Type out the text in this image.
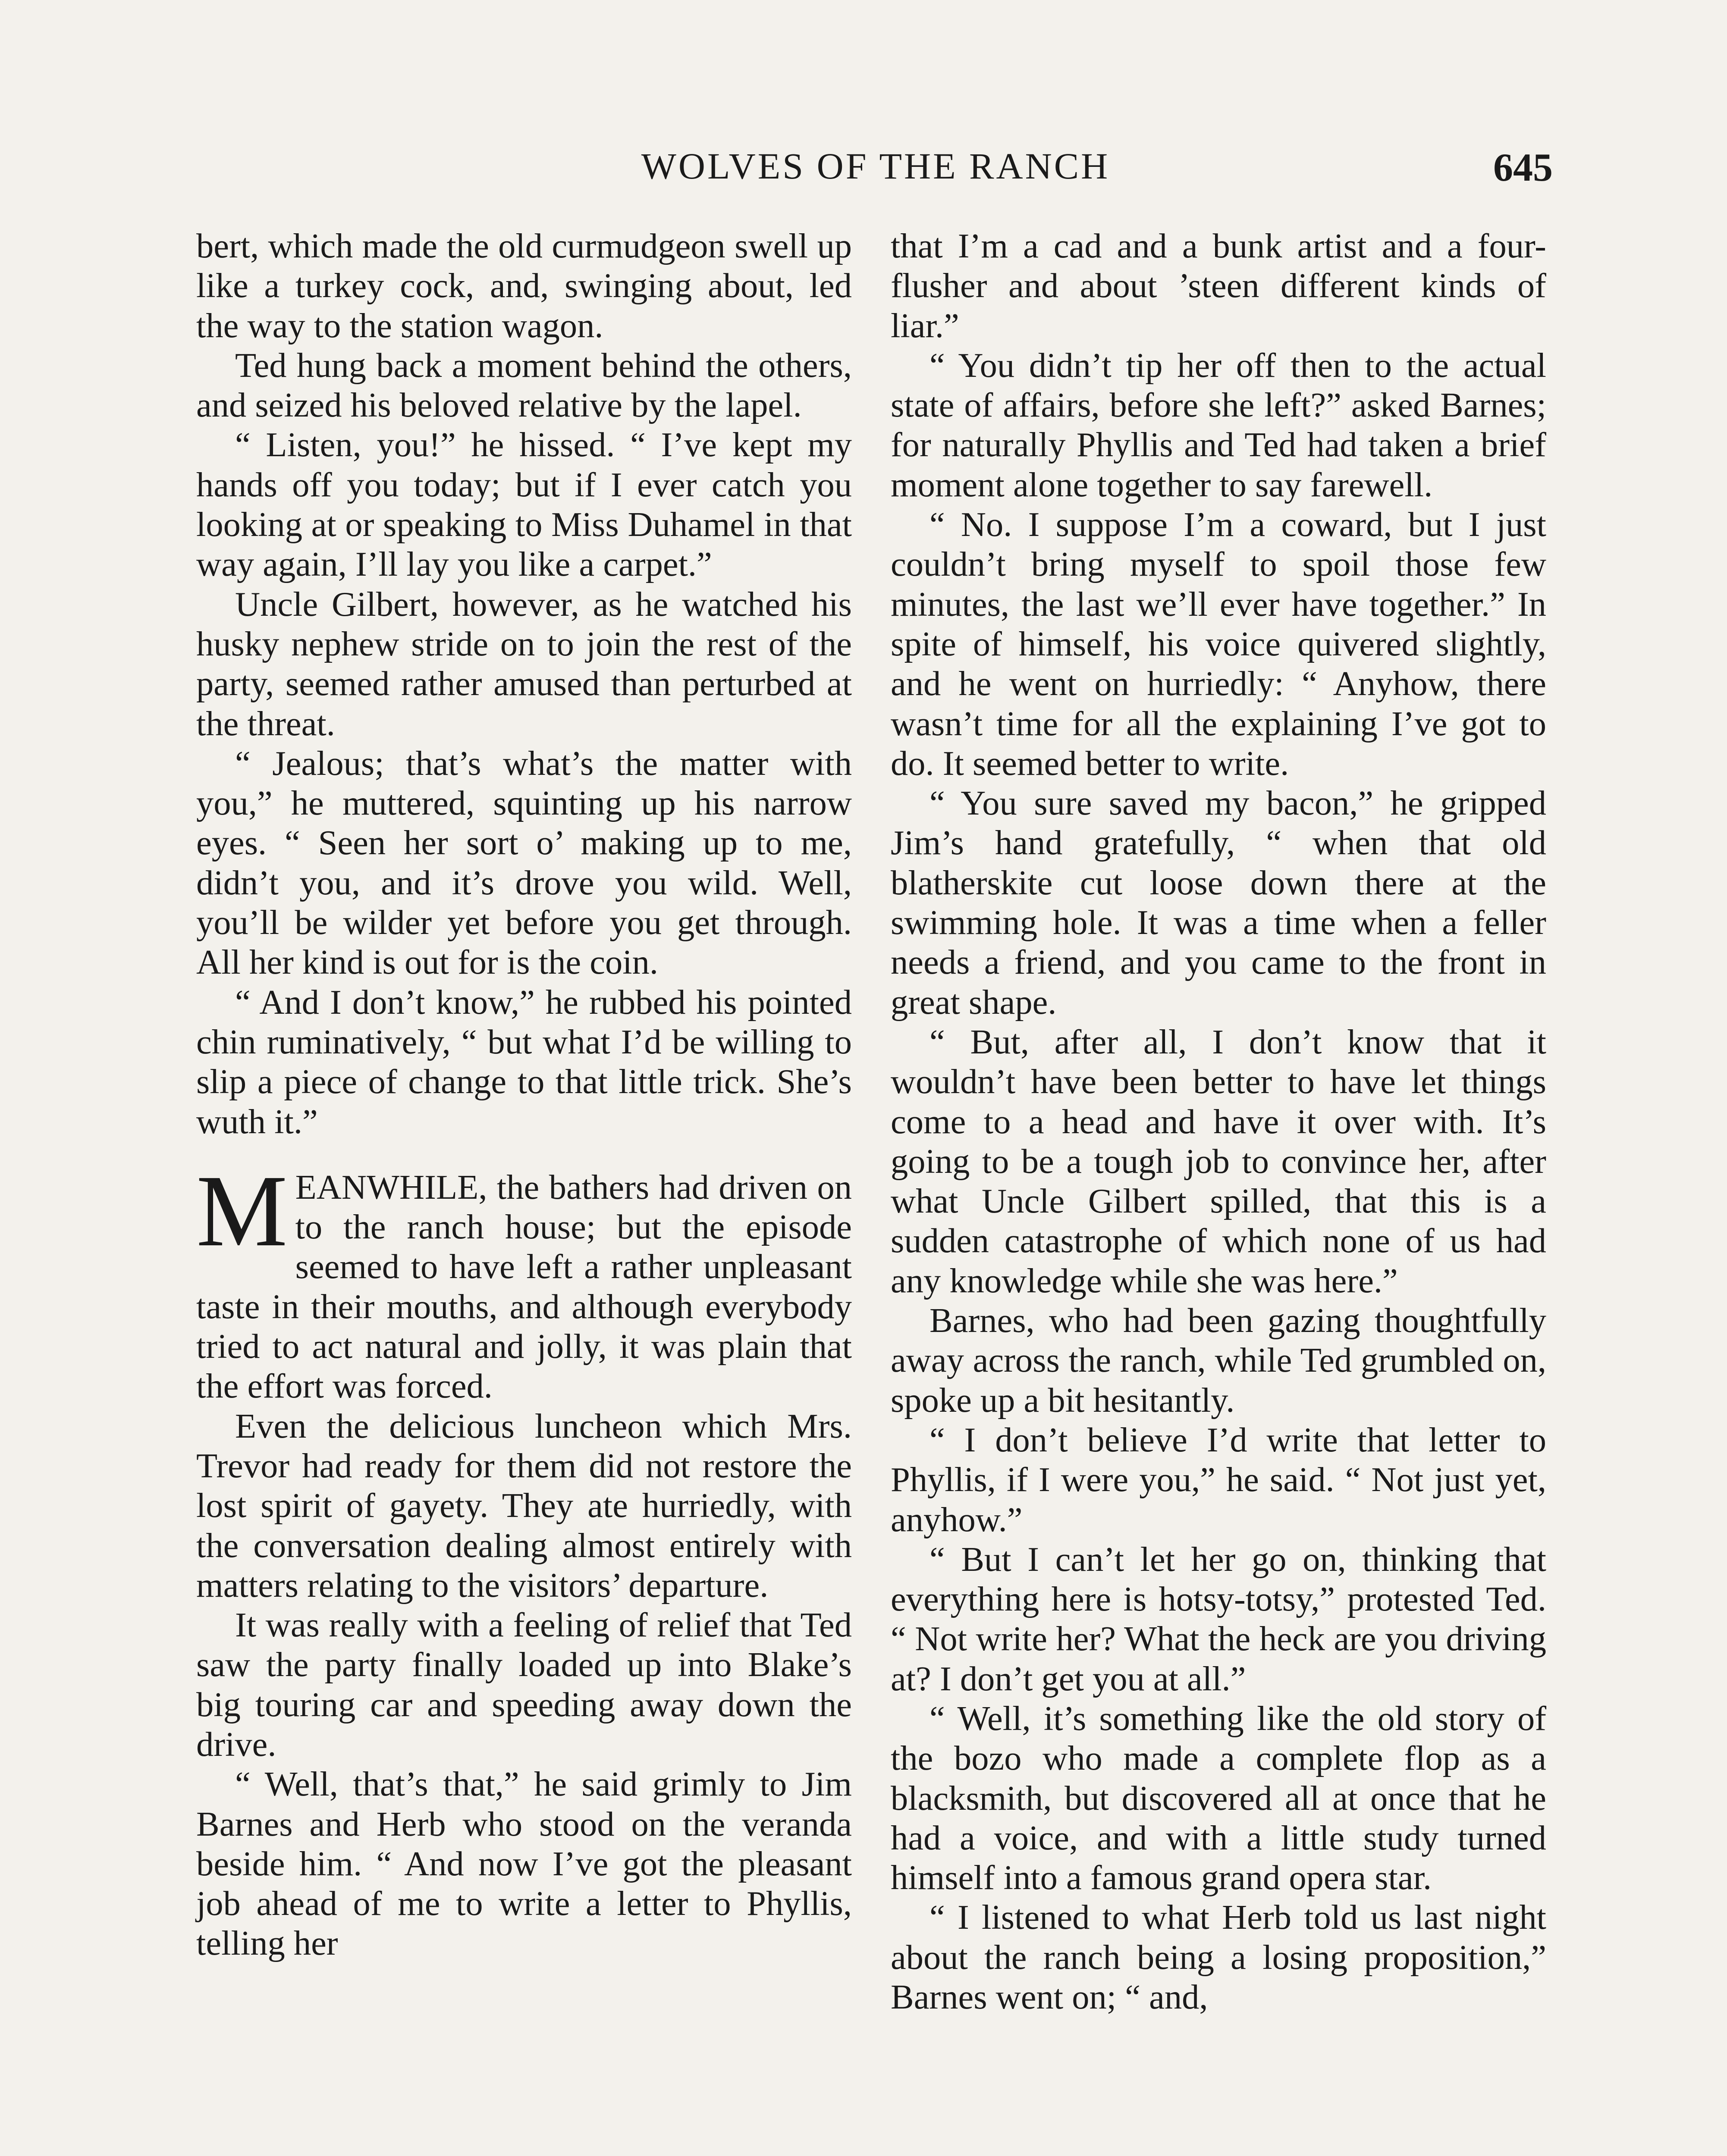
WOLVES OF THE RANCH	645

bert, which made the old curmudgeon swell up like a turkey cock, and, swinging about, led the way to the station wagon.

Ted hung back a moment behind the others, and seized his beloved relative by the lapel.

“ Listen, you!” he hissed. “ I’ve kept my hands off you today; but if I ever catch you looking at or speaking to Miss Duhamel in that way again, I’ll lay you like a carpet.”

Uncle Gilbert, however, as he watched his husky nephew stride on to join the rest of the party, seemed rather amused than perturbed at the threat.

“ Jealous; that’s what’s the matter with you,” he muttered, squinting up his narrow eyes. “ Seen her sort o’ making up to me, didn’t you, and it’s drove you wild. Well, you’ll be wilder yet before you get through. All her kind is out for is the coin.

“ And I don’t know,” he rubbed his pointed chin ruminatively, “ but what I’d be willing to slip a piece of change to that little trick. She’s wuth it.”

MEANWHILE, the bathers had driven on to the ranch house; but the episode seemed to have left a rather unpleasant taste in their mouths, and although everybody tried to act natural and jolly, it was plain that the effort was forced.

Even the delicious luncheon which Mrs. Trevor had ready for them did not restore the lost spirit of gayety. They ate hurriedly, with the conversation dealing almost entirely with matters relating to the visitors’ departure.

It was really with a feeling of relief that Ted saw the party finally loaded up into Blake’s big touring car and speeding away down the drive.

“ Well, that’s that,” he said grimly to Jim Barnes and Herb who stood on the veranda beside him. “ And now I’ve got the pleasant job ahead of me to write a letter to Phyllis, telling her

that I’m a cad and a bunk artist and a four-flusher and about ’steen different kinds of liar.”

“ You didn’t tip her off then to the actual state of affairs, before she left?” asked Barnes; for naturally Phyllis and Ted had taken a brief moment alone together to say farewell.

“ No. I suppose I’m a coward, but I just couldn’t bring myself to spoil those few minutes, the last we’ll ever have together.” In spite of himself, his voice quivered slightly, and he went on hurriedly: “ Anyhow, there wasn’t time for all the explaining I’ve got to do. It seemed better to write.

“ You sure saved my bacon,” he gripped Jim’s hand gratefully, “ when that old blatherskite cut loose down there at the swimming hole. It was a time when a feller needs a friend, and you came to the front in great shape.

“ But, after all, I don’t know that it wouldn’t have been better to have let things come to a head and have it over with. It’s going to be a tough job to convince her, after what Uncle Gilbert spilled, that this is a sudden catastrophe of which none of us had any knowledge while she was here.”

Barnes, who had been gazing thoughtfully away across the ranch, while Ted grumbled on, spoke up a bit hesitantly.

“ I don’t believe I’d write that letter to Phyllis, if I were you,” he said. “ Not just yet, anyhow.”

“ But I can’t let her go on, thinking that everything here is hotsy-totsy,” protested Ted. “ Not write her? What the heck are you driving at? I don’t get you at all.”

“ Well, it’s something like the old story of the bozo who made a complete flop as a blacksmith, but discovered all at once that he had a voice, and with a little study turned himself into a famous grand opera star.

“ I listened to what Herb told us last night about the ranch being a losing proposition,” Barnes went on; “ and,
